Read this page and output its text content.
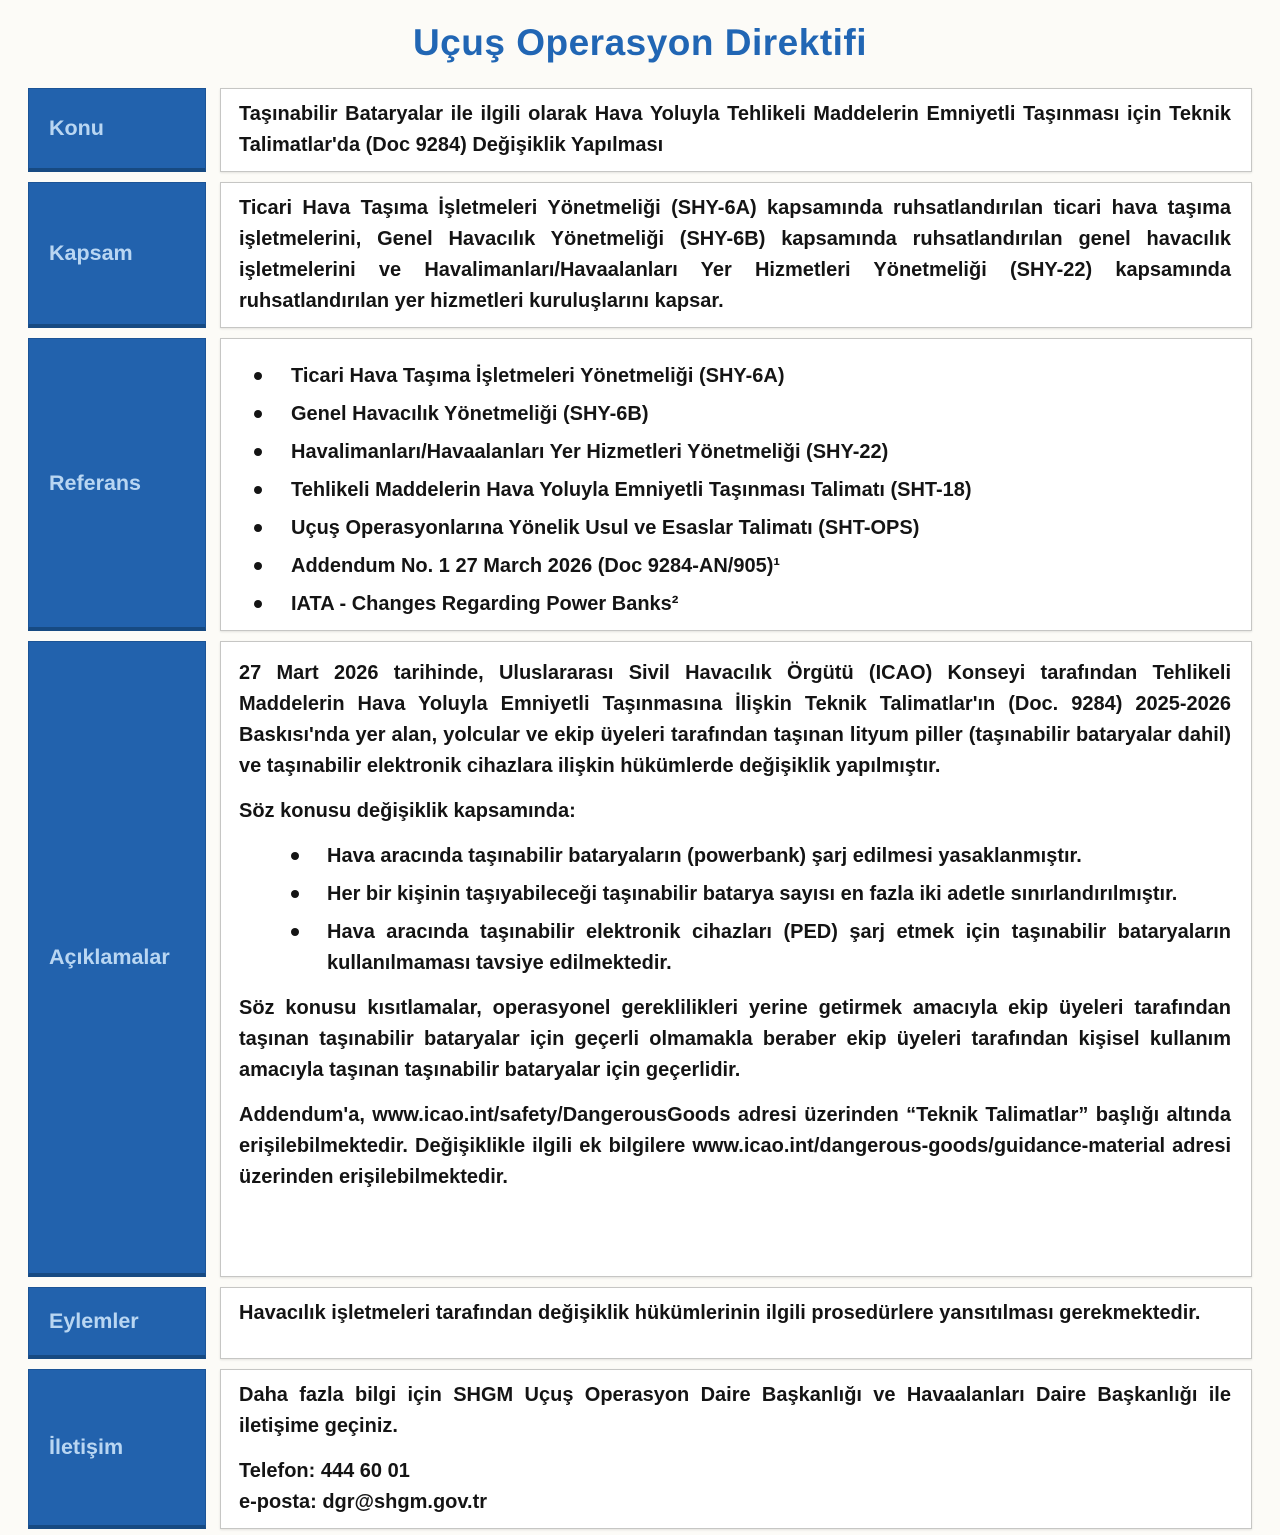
Uçuş Operasyon Direktifi
Konu

Taşınabilir Bataryalar ile ilgili olarak Hava Yoluyla Tehlikeli Maddelerin Emniyetli Taşınması için Teknik Talimatlar'da (Doc 9284) Değişiklik Yapılması

Kapsam

Ticari Hava Taşıma İşletmeleri Yönetmeliği (SHY-6A) kapsamında ruhsatlandırılan ticari hava taşıma işletmelerini, Genel Havacılık Yönetmeliği (SHY-6B) kapsamında ruhsatlandırılan genel havacılık işletmelerini ve Havalimanları/Havaalanları Yer Hizmetleri Yönetmeliği (SHY-22) kapsamında ruhsatlandırılan yer hizmetleri kuruluşlarını kapsar.

Referans
Ticari Hava Taşıma İşletmeleri Yönetmeliği (SHY-6A)
Genel Havacılık Yönetmeliği (SHY-6B)
Havalimanları/Havaalanları Yer Hizmetleri Yönetmeliği (SHY-22)
Tehlikeli Maddelerin Hava Yoluyla Emniyetli Taşınması Talimatı (SHT-18)
Uçuş Operasyonlarına Yönelik Usul ve Esaslar Talimatı (SHT-OPS)
Addendum No. 1 27 March 2026 (Doc 9284-AN/905)¹
IATA - Changes Regarding Power Banks²
Açıklamalar

27 Mart 2026 tarihinde, Uluslararası Sivil Havacılık Örgütü (ICAO) Konseyi tarafından Tehlikeli Maddelerin Hava Yoluyla Emniyetli Taşınmasına İlişkin Teknik Talimatlar'ın (Doc. 9284) 2025-2026 Baskısı'nda yer alan, yolcular ve ekip üyeleri tarafından taşınan lityum piller (taşınabilir bataryalar dahil) ve taşınabilir elektronik cihazlara ilişkin hükümlerde değişiklik yapılmıştır.

Söz konusu değişiklik kapsamında:

Hava aracında taşınabilir bataryaların (powerbank) şarj edilmesi yasaklanmıştır.
Her bir kişinin taşıyabileceği taşınabilir batarya sayısı en fazla iki adetle sınırlandırılmıştır.
Hava aracında taşınabilir elektronik cihazları (PED) şarj etmek için taşınabilir bataryaların kullanılmaması tavsiye edilmektedir.

Söz konusu kısıtlamalar, operasyonel gereklilikleri yerine getirmek amacıyla ekip üyeleri tarafından taşınan taşınabilir bataryalar için geçerli olmamakla beraber ekip üyeleri tarafından kişisel kullanım amacıyla taşınan taşınabilir bataryalar için geçerlidir.

Addendum'a, www.icao.int/safety/DangerousGoods adresi üzerinden “Teknik Talimatlar” başlığı altında erişilebilmektedir. Değişiklikle ilgili ek bilgilere www.icao.int/dangerous-goods/guidance-material adresi üzerinden erişilebilmektedir.

Eylemler	Havacılık işletmeleri tarafından değişiklik hükümlerinin ilgili prosedürlere yansıtılması gerekmektedir.

İletişim

Daha fazla bilgi için SHGM Uçuş Operasyon Daire Başkanlığı ve Havaalanları Daire Başkanlığı ile iletişime geçiniz.

Telefon: 444 60 01

e-posta: dgr@shgm.gov.tr
